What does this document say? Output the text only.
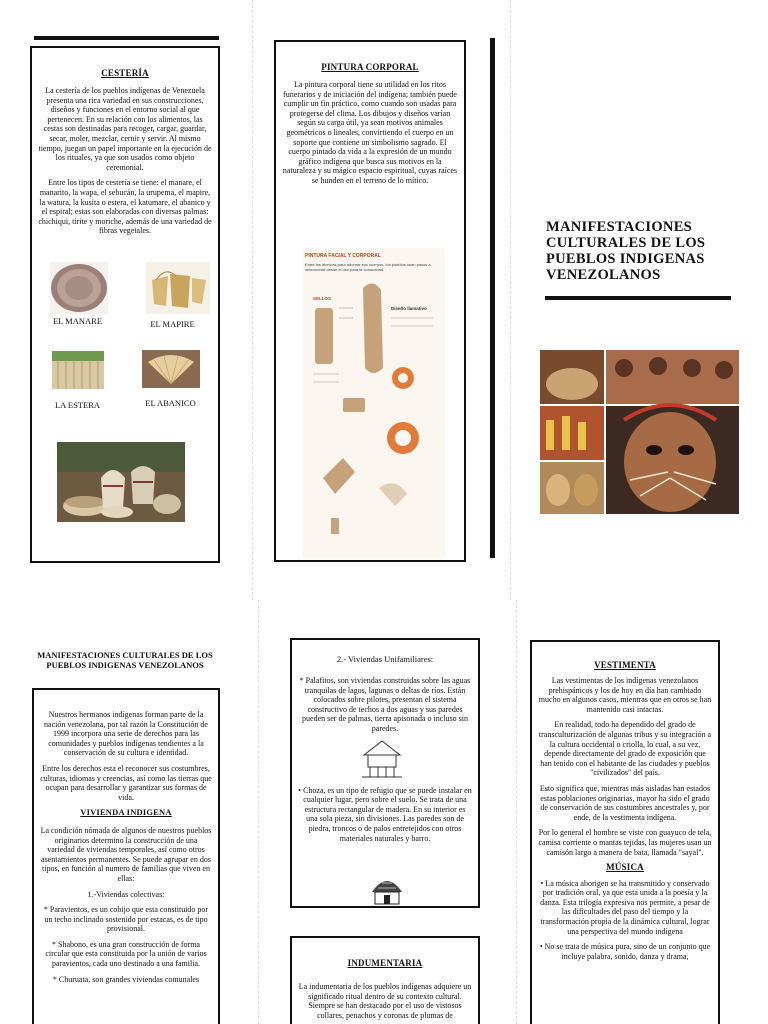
CESTERÍA

La cestería de los pueblos indígenas de Venezuela presenta una rica variedad en sus construcciones, diseños y funciones en el entorno social al que pertenecen. En su relación con los alimentos, las cestas son destinadas para recoger, cargar, guardar, secar, moler, mezclar, cernir y servir. Al mismo tiempo, juegan un papel importante en la ejecución de los rituales, ya que son usados como objeto ceremonial.

Entre los tipos de cestería se tiene: el manare, el manarito, la wapa, el sebucán, la urupema, el mapire, la watura, la kusita o estera, el katumare, el abanico y el espiral; estas son elaboradas con diversas palmas: chichiqui, tirite y moriche, además de una variedad de fibras vegetales.

EL MANARE	EL MAPIRE
LA ESTERA	EL ABANICO
PINTURA CORPORAL

La pintura corporal tiene su utilidad en los ritos funerarios y de iniciación del indígena; también puede cumplir un fin práctico, como cuando son usadas para protegerse del clima. Los dibujos y diseños varían según su carga útil, ya sean motivos animales geométricos o lineales, convirtiendo el cuerpo en un soporte que contiene un simbolismo sagrado. El cuerpo pintado da vida a la expresión de un mundo gráfico indígena que busca sus motivos en la naturaleza y su mágico espacio espiritual, cuyas raíces se hunden en el terreno de lo mítico.

PINTURA FACIAL Y CORPORAL
Entre las técnicas para adornar sus cuerpos, los pueblos usan pasos a seleccionar desde el uso para la comunidad.
SELLOS
Diseño llamativo
MANIFESTACIONES CULTURALES DE LOS PUEBLOS INDIGENAS VENEZOLANOS
MANIFESTACIONES CULTURALES DE LOS PUEBLOS INDIGENAS VENEZOLANOS

Nuestros hermanos indígenas forman parte de la nación venezolana, por tal razón la Constitución de 1999 incorpora una serie de derechos para las comunidades y pueblos indígenas tendientes a la conservación de su cultura e identidad.

Entre los derechos esta el reconocer sus costumbres, culturas, idiomas y creencias, así como las tierras que ocupan para desarrollar y garantizar sus formas de vida.

VIVIENDA INDIGENA

La condición nómada de algunos de nuestros pueblos originarios determino la construcción de una variedad de viviendas temporales, así como otros asentamientos permanentes. Se puede agrupar en dos tipos, en función al numero de familias que viven en ellas:

1.-Viviendas colectivas:

* Paravientos, es un cobijo que esta constituido por un techo inclinado sostenido por estacas, es de tipo provisional.

* Shabono, es una gran construcción de forma circular que esta constituida por la unión de varios paravientos, cada uno destinado a una familia.

* Churuata, son grandes viviendas comunales

2.- Viviendas Unifamiliares:
* Palafitos, son viviendas construidas sobre las aguas tranquilas de lagos, lagunas o deltas de ríos. Están colocados sobre pilotes, presentan el sistema constructivo de techos a dos aguas y sus paredes pueden ser de palmas, tierra apisonada o incluso sin paredes.
• Choza, es un tipo de refugio que se puede instalar en cualquier lugar, pero sobre el suelo. Se trata de una estructura rectangular de madera. En su interior es una sola pieza, sin divisiones. Las paredes son de piedra, troncos o de palos entretejidos con otros materiales naturales y barro.
INDUMENTARIA
La indumentaria de los pueblos indígenas adquiere un significado ritual dentro de su contexto cultural. Siempre se han destacado por el uso de vistosos collares, penachos y coronas de plumas de
VESTIMENTA

Las vestimentas de los indígenas venezolanos prehispánicos y los de hoy en día han cambiado mucho en algunos casos, mientras que en otros se han mantenido casi intactas.

En realidad, todo ha dependido del grado de transculturización de algunas tribus y su integración a la cultura occidental o criolla, lo cual, a su vez, depende directamente del grado de exposición que han tenido con el habitante de las ciudades y pueblos "civilizados" del país.

Esto significa que, mientras más aisladas han estados estas poblaciones originarias, mayor ha sido el grado de conservación de sus costumbres ancestrales y, por ende, de la vestimenta indígena.

Por lo general el hombre se viste con guayuco de tela, camisa corriente o mantas tejidas, las mujeres usan un camisón largo a manera de bata, llamada "sayal".

MÚSICA

• La música aborigen se ha transmitido y conservado por tradición oral, ya que esta unida a la poesía y la danza. Esta trilogía expresiva nos permite, a pesar de las dificultades del paso del tiempo y la transformación propia de la dinámica cultural, lograr una perspectiva del mundo indígena

• No se trata de música pura, sino de un conjunto que incluye palabra, sonido, danza y drama,
